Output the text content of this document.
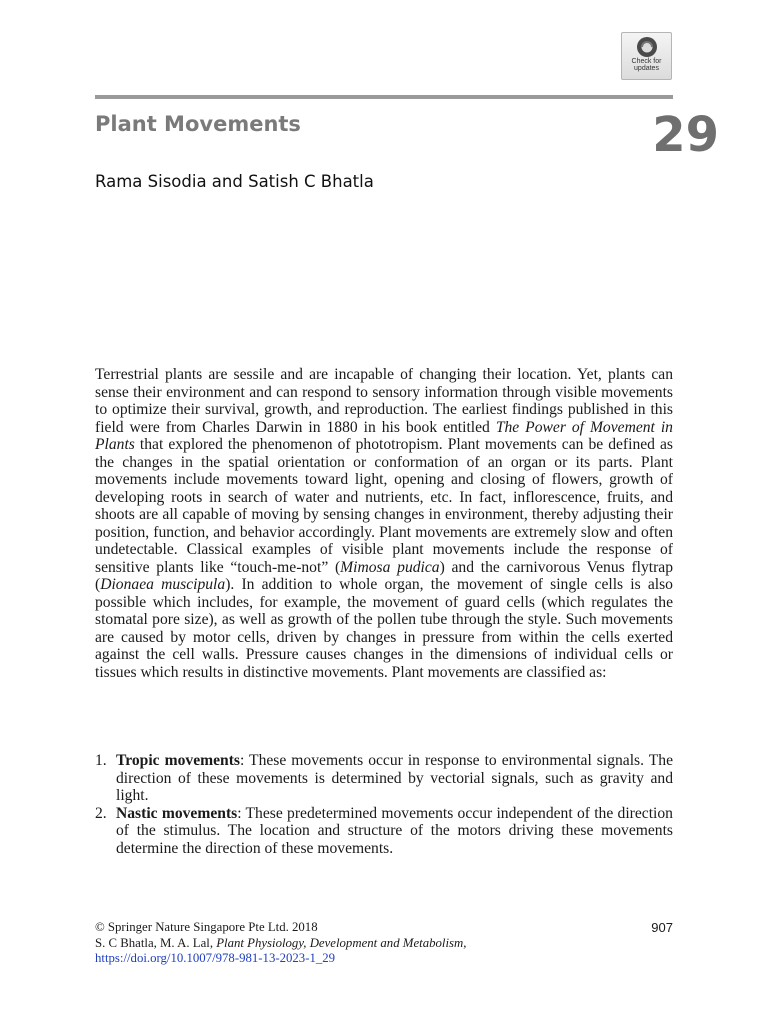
Check for
updates
Plant Movements	29
Rama Sisodia and Satish C Bhatla

Terrestrial plants are sessile and are incapable of changing their location. Yet, plants can sense their environment and can respond to sensory information through visible movements to optimize their survival, growth, and reproduction. The earliest findings published in this field were from Charles Darwin in 1880 in his book entitled The Power of Movement in Plants that explored the phenomenon of phototropism. Plant movements can be defined as the changes in the spatial orientation or conformation of an organ or its parts. Plant movements include movements toward light, opening and closing of flowers, growth of developing roots in search of water and nutrients, etc. In fact, inflorescence, fruits, and shoots are all capable of moving by sensing changes in environment, thereby adjusting their position, function, and behavior accordingly. Plant movements are extremely slow and often undetectable. Classical examples of visible plant movements include the response of sensitive plants like “touch-me-not” (Mimosa pudica) and the carnivorous Venus flytrap (Dionaea muscipula). In addition to whole organ, the movement of single cells is also possible which includes, for example, the movement of guard cells (which regulates the stomatal pore size), as well as growth of the pollen tube through the style. Such movements are caused by motor cells, driven by changes in pressure from within the cells exerted against the cell walls. Pressure causes changes in the dimensions of individual cells or tissues which results in distinctive movements. Plant movements are classified as:

1. Tropic movements: These movements occur in response to environmental signals. The direction of these movements is determined by vectorial signals, such as gravity and light.
2. Nastic movements: These predetermined movements occur independent of the direction of the stimulus. The location and structure of the motors driving these movements determine the direction of these movements.
© Springer Nature Singapore Pte Ltd. 2018	907
S. C Bhatla, M. A. Lal, Plant Physiology, Development and Metabolism,
https://doi.org/10.1007/978-981-13-2023-1_29
